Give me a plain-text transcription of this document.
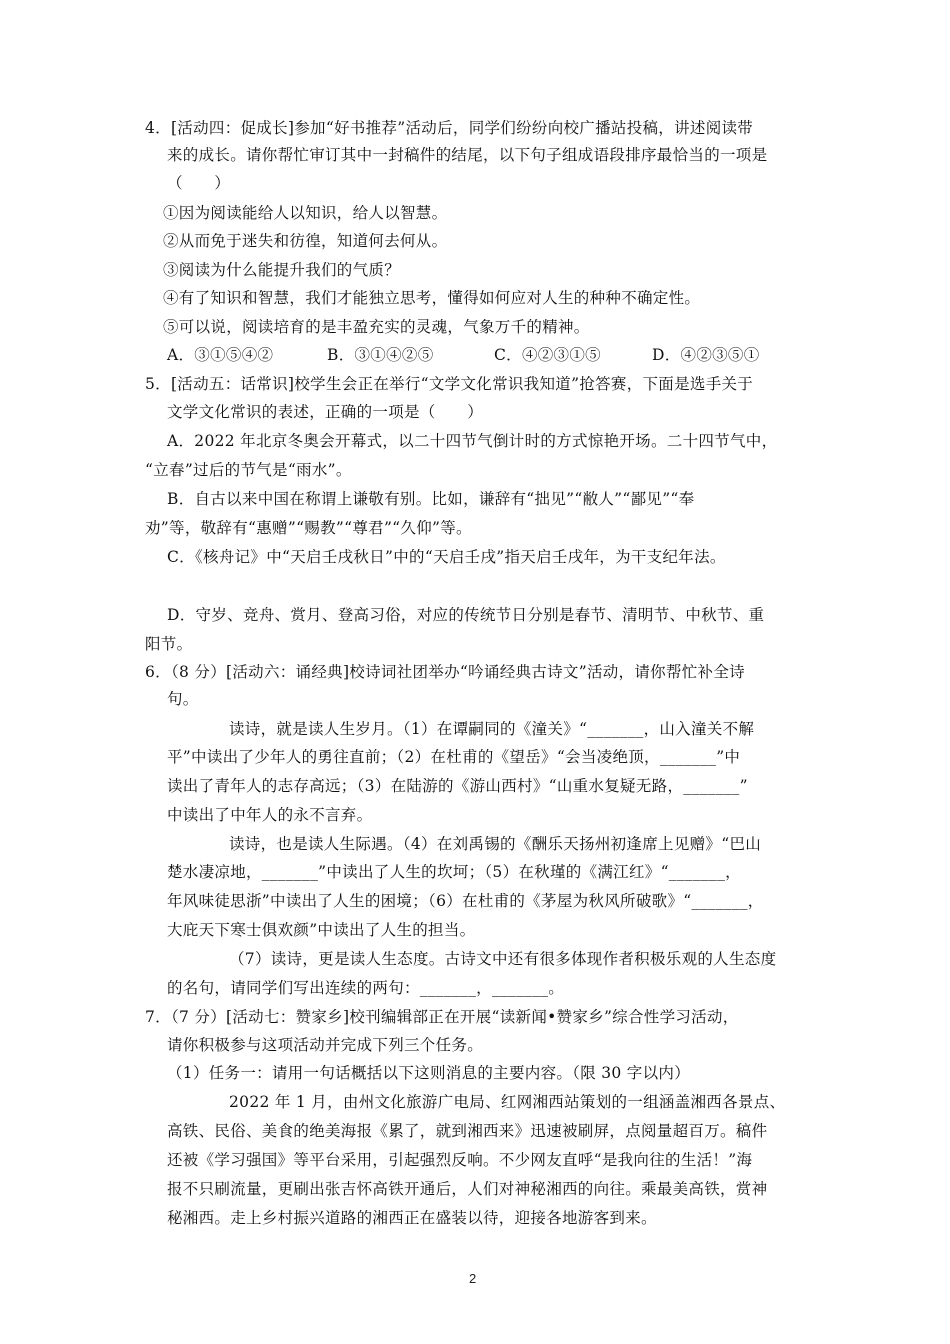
4．[活动四：促成长]参加“好书推荐”活动后，同学们纷纷向校广播站投稿，讲述阅读带
来的成长。请你帮忙审订其中一封稿件的结尾，以下句子组成语段排序最恰当的一项是
（　　）
①因为阅读能给人以知识，给人以智慧。
②从而免于迷失和彷徨，知道何去何从。
③阅读为什么能提升我们的气质？
④有了知识和智慧，我们才能独立思考，懂得如何应对人生的种种不确定性。
⑤可以说，阅读培育的是丰盈充实的灵魂，气象万千的精神。
A．③①⑤④②	B．③①④②⑤	C．④②③①⑤	D．④②③⑤①
5．[活动五：话常识]校学生会正在举行“文学文化常识我知道”抢答赛，下面是选手关于
文学文化常识的表述，正确的一项是（　　）
A．2022 年北京冬奥会开幕式，以二十四节气倒计时的方式惊艳开场。二十四节气中，
“立春”过后的节气是“雨水”。
B．自古以来中国在称谓上谦敬有别。比如，谦辞有“拙见”“敝人”“鄙见”“奉
劝”等，敬辞有“惠赠”“赐教”“尊君”“久仰”等。
C．《核舟记》中“天启壬戌秋日”中的“天启壬戌”指天启壬戌年，为干支纪年法。
D．守岁、竞舟、赏月、登高习俗，对应的传统节日分别是春节、清明节、中秋节、重
阳节。
6．（8 分）[活动六：诵经典]校诗词社团举办“吟诵经典古诗文”活动，请你帮忙补全诗
句。
读诗，就是读人生岁月。（1）在谭嗣同的《潼关》“_______，山入潼关不解
平”中读出了少年人的勇往直前；（2）在杜甫的《望岳》“会当凌绝顶，_______”中
读出了青年人的志存高远；（3）在陆游的《游山西村》“山重水复疑无路，_______”
中读出了中年人的永不言弃。
读诗，也是读人生际遇。（4）在刘禹锡的《酬乐天扬州初逢席上见赠》“巴山
楚水凄凉地，_______”中读出了人生的坎坷；（5）在秋瑾的《满江红》“_______，
年风味徒思浙”中读出了人生的困境；（6）在杜甫的《茅屋为秋风所破歌》“_______，
大庇天下寒士俱欢颜”中读出了人生的担当。
（7）读诗，更是读人生态度。古诗文中还有很多体现作者积极乐观的人生态度
的名句，请同学们写出连续的两句：_______，_______。
7．（7 分）[活动七：赞家乡]校刊编辑部正在开展“读新闻•赞家乡”综合性学习活动，
请你积极参与这项活动并完成下列三个任务。
（1）任务一：请用一句话概括以下这则消息的主要内容。（限 30 字以内）
2022 年 1 月，由州文化旅游广电局、红网湘西站策划的一组涵盖湘西各景点、
高铁、民俗、美食的绝美海报《累了，就到湘西来》迅速被刷屏，点阅量超百万。稿件
还被《学习强国》等平台采用，引起强烈反响。不少网友直呼“是我向往的生活！”海
报不只刷流量，更刷出张吉怀高铁开通后，人们对神秘湘西的向往。乘最美高铁，赏神
秘湘西。走上乡村振兴道路的湘西正在盛装以待，迎接各地游客到来。
2
